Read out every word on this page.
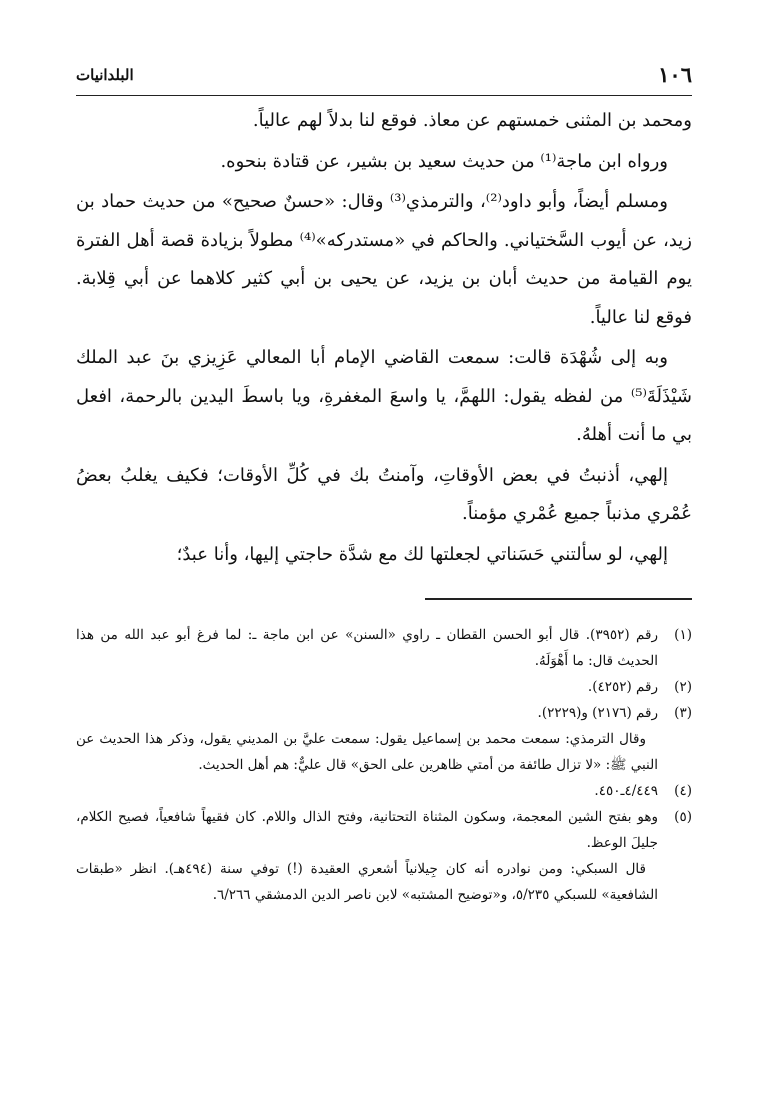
١٠٦
البلدانيات

ومحمد بن المثنى خمستهم عن معاذ. فوقع لنا بدلاً لهم عالياً.

ورواه ابن ماجة⁽¹⁾ من حديث سعيد بن بشير، عن قتادة بنحوه.

ومسلم أيضاً، وأبو داود⁽²⁾، والترمذي⁽³⁾ وقال: «حسنٌ صحيح» من حديث حماد بن زيد، عن أيوب السَّختياني. والحاكم في «مستدركه»⁽⁴⁾ مطولاً بزيادة قصة أهل الفترة يوم القيامة من حديث أبان بن يزيد، عن يحيى بن أبي كثير كلاهما عن أبي قِلابة. فوقع لنا عالياً.

وبه إلى شُهْدَة قالت: سمعت القاضي الإمام أبا المعالي عَزِيزي بنَ عبد الملك شَيْذَلَةَ⁽⁵⁾ من لفظه يقول: اللهمَّ، يا واسعَ المغفرةِ، ويا باسطَ اليدين بالرحمة، افعل بي ما أنت أهلهُ.

إلهي، أذنبتُ في بعض الأوقاتِ، وآمنتُ بك في كُلِّ الأوقات؛ فكيف يغلبُ بعضُ عُمْري مذنباً جميع عُمْري مؤمناً.

إلهي، لو سألتني حَسَناتي لجعلتها لك مع شدَّة حاجتي إليها، وأنا عبدٌ؛

(١)
رقم (٣٩٥٢). قال أبو الحسن القطان ـ راوي «السنن» عن ابن ماجة ـ: لما فرغ أبو عبد الله من هذا الحديث قال: ما أَهْوَلَهُ.
(٢)
رقم (٤٢٥٢).
(٣)
رقم (٢١٧٦) و(٢٢٢٩).
وقال الترمذي: سمعت محمد بن إسماعيل يقول: سمعت عليَّ بن المديني يقول، وذكر هذا الحديث عن النبي ﷺ: «لا تزال طائفة من أمتي ظاهرين على الحق» قال عليٌّ: هم أهل الحديث.
(٤)
٤/٤٤٩ـ٤٥٠.
(٥)
وهو بفتح الشين المعجمة، وسكون المثناة التحتانية، وفتح الذال واللام. كان فقيهاً شافعياً، فصيح الكلام، جليلَ الوعظ.
قال السبكي: ومن نوادره أنه كان جِيلانياً أشعري العقيدة (!) توفي سنة (٤٩٤هـ). انظر «طبقات الشافعية» للسبكي ٥/٢٣٥، و«توضيح المشتبه» لابن ناصر الدين الدمشقي ٦/٢٦٦.
